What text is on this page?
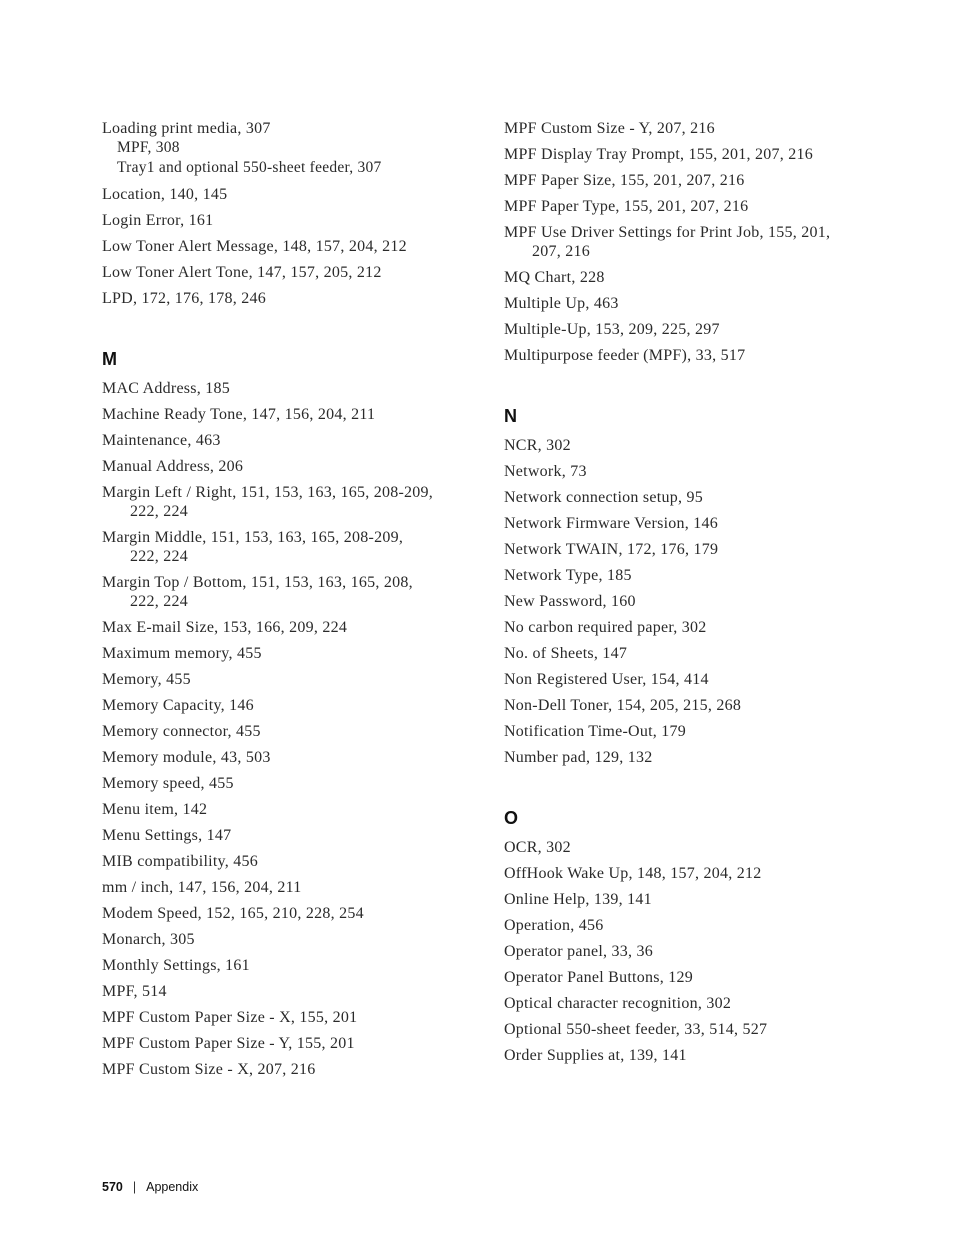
Loading print media, 307
MPF, 308
Tray1 and optional 550-sheet feeder, 307
Location, 140, 145
Login Error, 161
Low Toner Alert Message, 148, 157, 204, 212
Low Toner Alert Tone, 147, 157, 205, 212
LPD, 172, 176, 178, 246
M
MAC Address, 185
Machine Ready Tone, 147, 156, 204, 211
Maintenance, 463
Manual Address, 206
Margin Left / Right, 151, 153, 163, 165, 208-209,
222, 224
Margin Middle, 151, 153, 163, 165, 208-209,
222, 224
Margin Top / Bottom, 151, 153, 163, 165, 208,
222, 224
Max E-mail Size, 153, 166, 209, 224
Maximum memory, 455
Memory, 455
Memory Capacity, 146
Memory connector, 455
Memory module, 43, 503
Memory speed, 455
Menu item, 142
Menu Settings, 147
MIB compatibility, 456
mm / inch, 147, 156, 204, 211
Modem Speed, 152, 165, 210, 228, 254
Monarch, 305
Monthly Settings, 161
MPF, 514
MPF Custom Paper Size - X, 155, 201
MPF Custom Paper Size - Y, 155, 201
MPF Custom Size - X, 207, 216
MPF Custom Size - Y, 207, 216
MPF Display Tray Prompt, 155, 201, 207, 216
MPF Paper Size, 155, 201, 207, 216
MPF Paper Type, 155, 201, 207, 216
MPF Use Driver Settings for Print Job, 155, 201,
207, 216
MQ Chart, 228
Multiple Up, 463
Multiple-Up, 153, 209, 225, 297
Multipurpose feeder (MPF), 33, 517
N
NCR, 302
Network, 73
Network connection setup, 95
Network Firmware Version, 146
Network TWAIN, 172, 176, 179
Network Type, 185
New Password, 160
No carbon required paper, 302
No. of Sheets, 147
Non Registered User, 154, 414
Non-Dell Toner, 154, 205, 215, 268
Notification Time-Out, 179
Number pad, 129, 132
O
OCR, 302
OffHook Wake Up, 148, 157, 204, 212
Online Help, 139, 141
Operation, 456
Operator panel, 33, 36
Operator Panel Buttons, 129
Optical character recognition, 302
Optional 550-sheet feeder, 33, 514, 527
Order Supplies at, 139, 141
570 | Appendix
